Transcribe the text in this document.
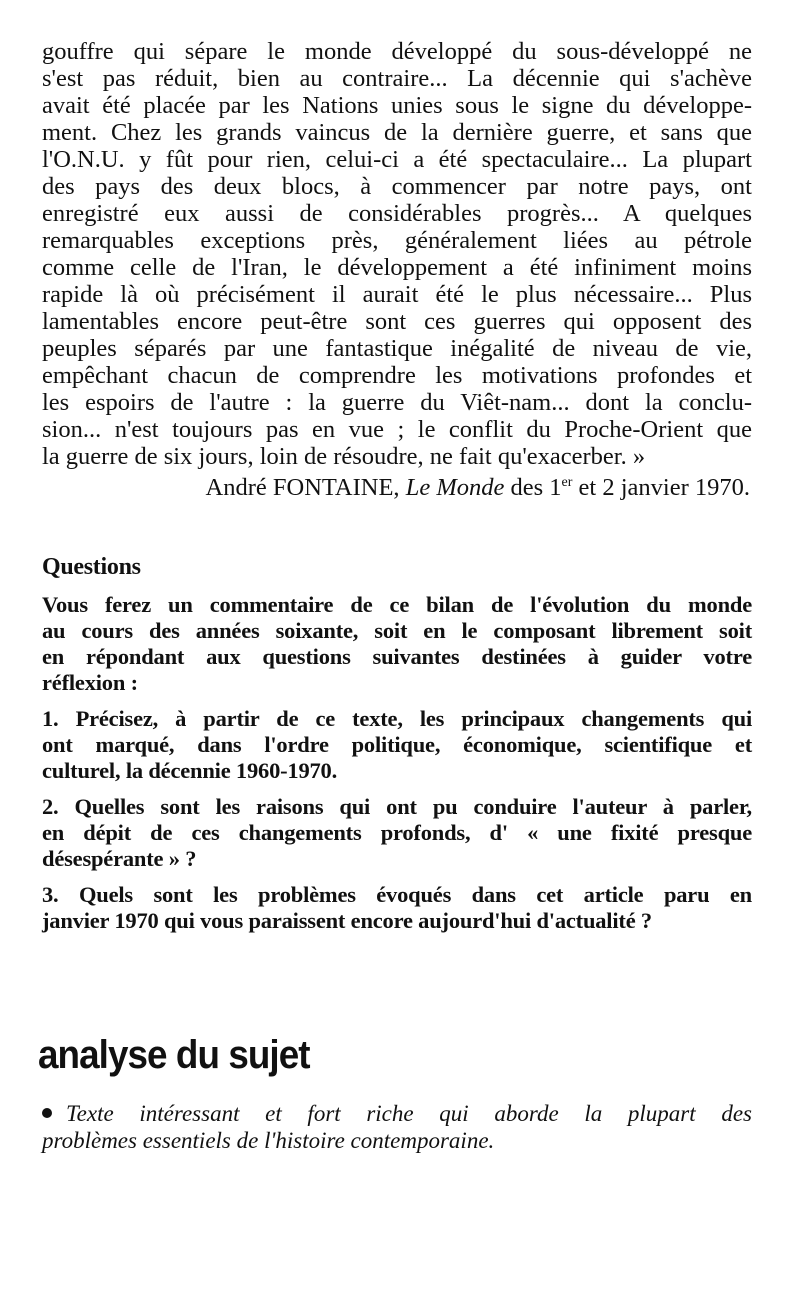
gouffre qui sépare le monde développé du sous-développé ne
s'est pas réduit, bien au contraire... La décennie qui s'achève
avait été placée par les Nations unies sous le signe du développe-
ment. Chez les grands vaincus de la dernière guerre, et sans que
l'O.N.U. y fût pour rien, celui-ci a été spectaculaire... La plupart
des pays des deux blocs, à commencer par notre pays, ont
enregistré eux aussi de considérables progrès... A quelques
remarquables exceptions près, généralement liées au pétrole
comme celle de l'Iran, le développement a été infiniment moins
rapide là où précisément il aurait été le plus nécessaire... Plus
lamentables encore peut-être sont ces guerres qui opposent des
peuples séparés par une fantastique inégalité de niveau de vie,
empêchant chacun de comprendre les motivations profondes et
les espoirs de l'autre : la guerre du Viêt-nam... dont la conclu-
sion... n'est toujours pas en vue ; le conflit du Proche-Orient que
la guerre de six jours, loin de résoudre, ne fait qu'exacerber. »

André FONTAINE, Le Monde des 1er et 2 janvier 1970.

Questions
Vous ferez un commentaire de ce bilan de l'évolution du monde
au cours des années soixante, soit en le composant librement soit
en répondant aux questions suivantes destinées à guider votre
réflexion :
1. Précisez, à partir de ce texte, les principaux changements qui
ont marqué, dans l'ordre politique, économique, scientifique et
culturel, la décennie 1960-1970.
2. Quelles sont les raisons qui ont pu conduire l'auteur à parler,
en dépit de ces changements profonds, d' « une fixité presque
désespérante » ?
3. Quels sont les problèmes évoqués dans cet article paru en
janvier 1970 qui vous paraissent encore aujourd'hui d'actualité ?
analyse du sujet
Texte intéressant et fort riche qui aborde la plupart des
problèmes essentiels de l'histoire contemporaine.
